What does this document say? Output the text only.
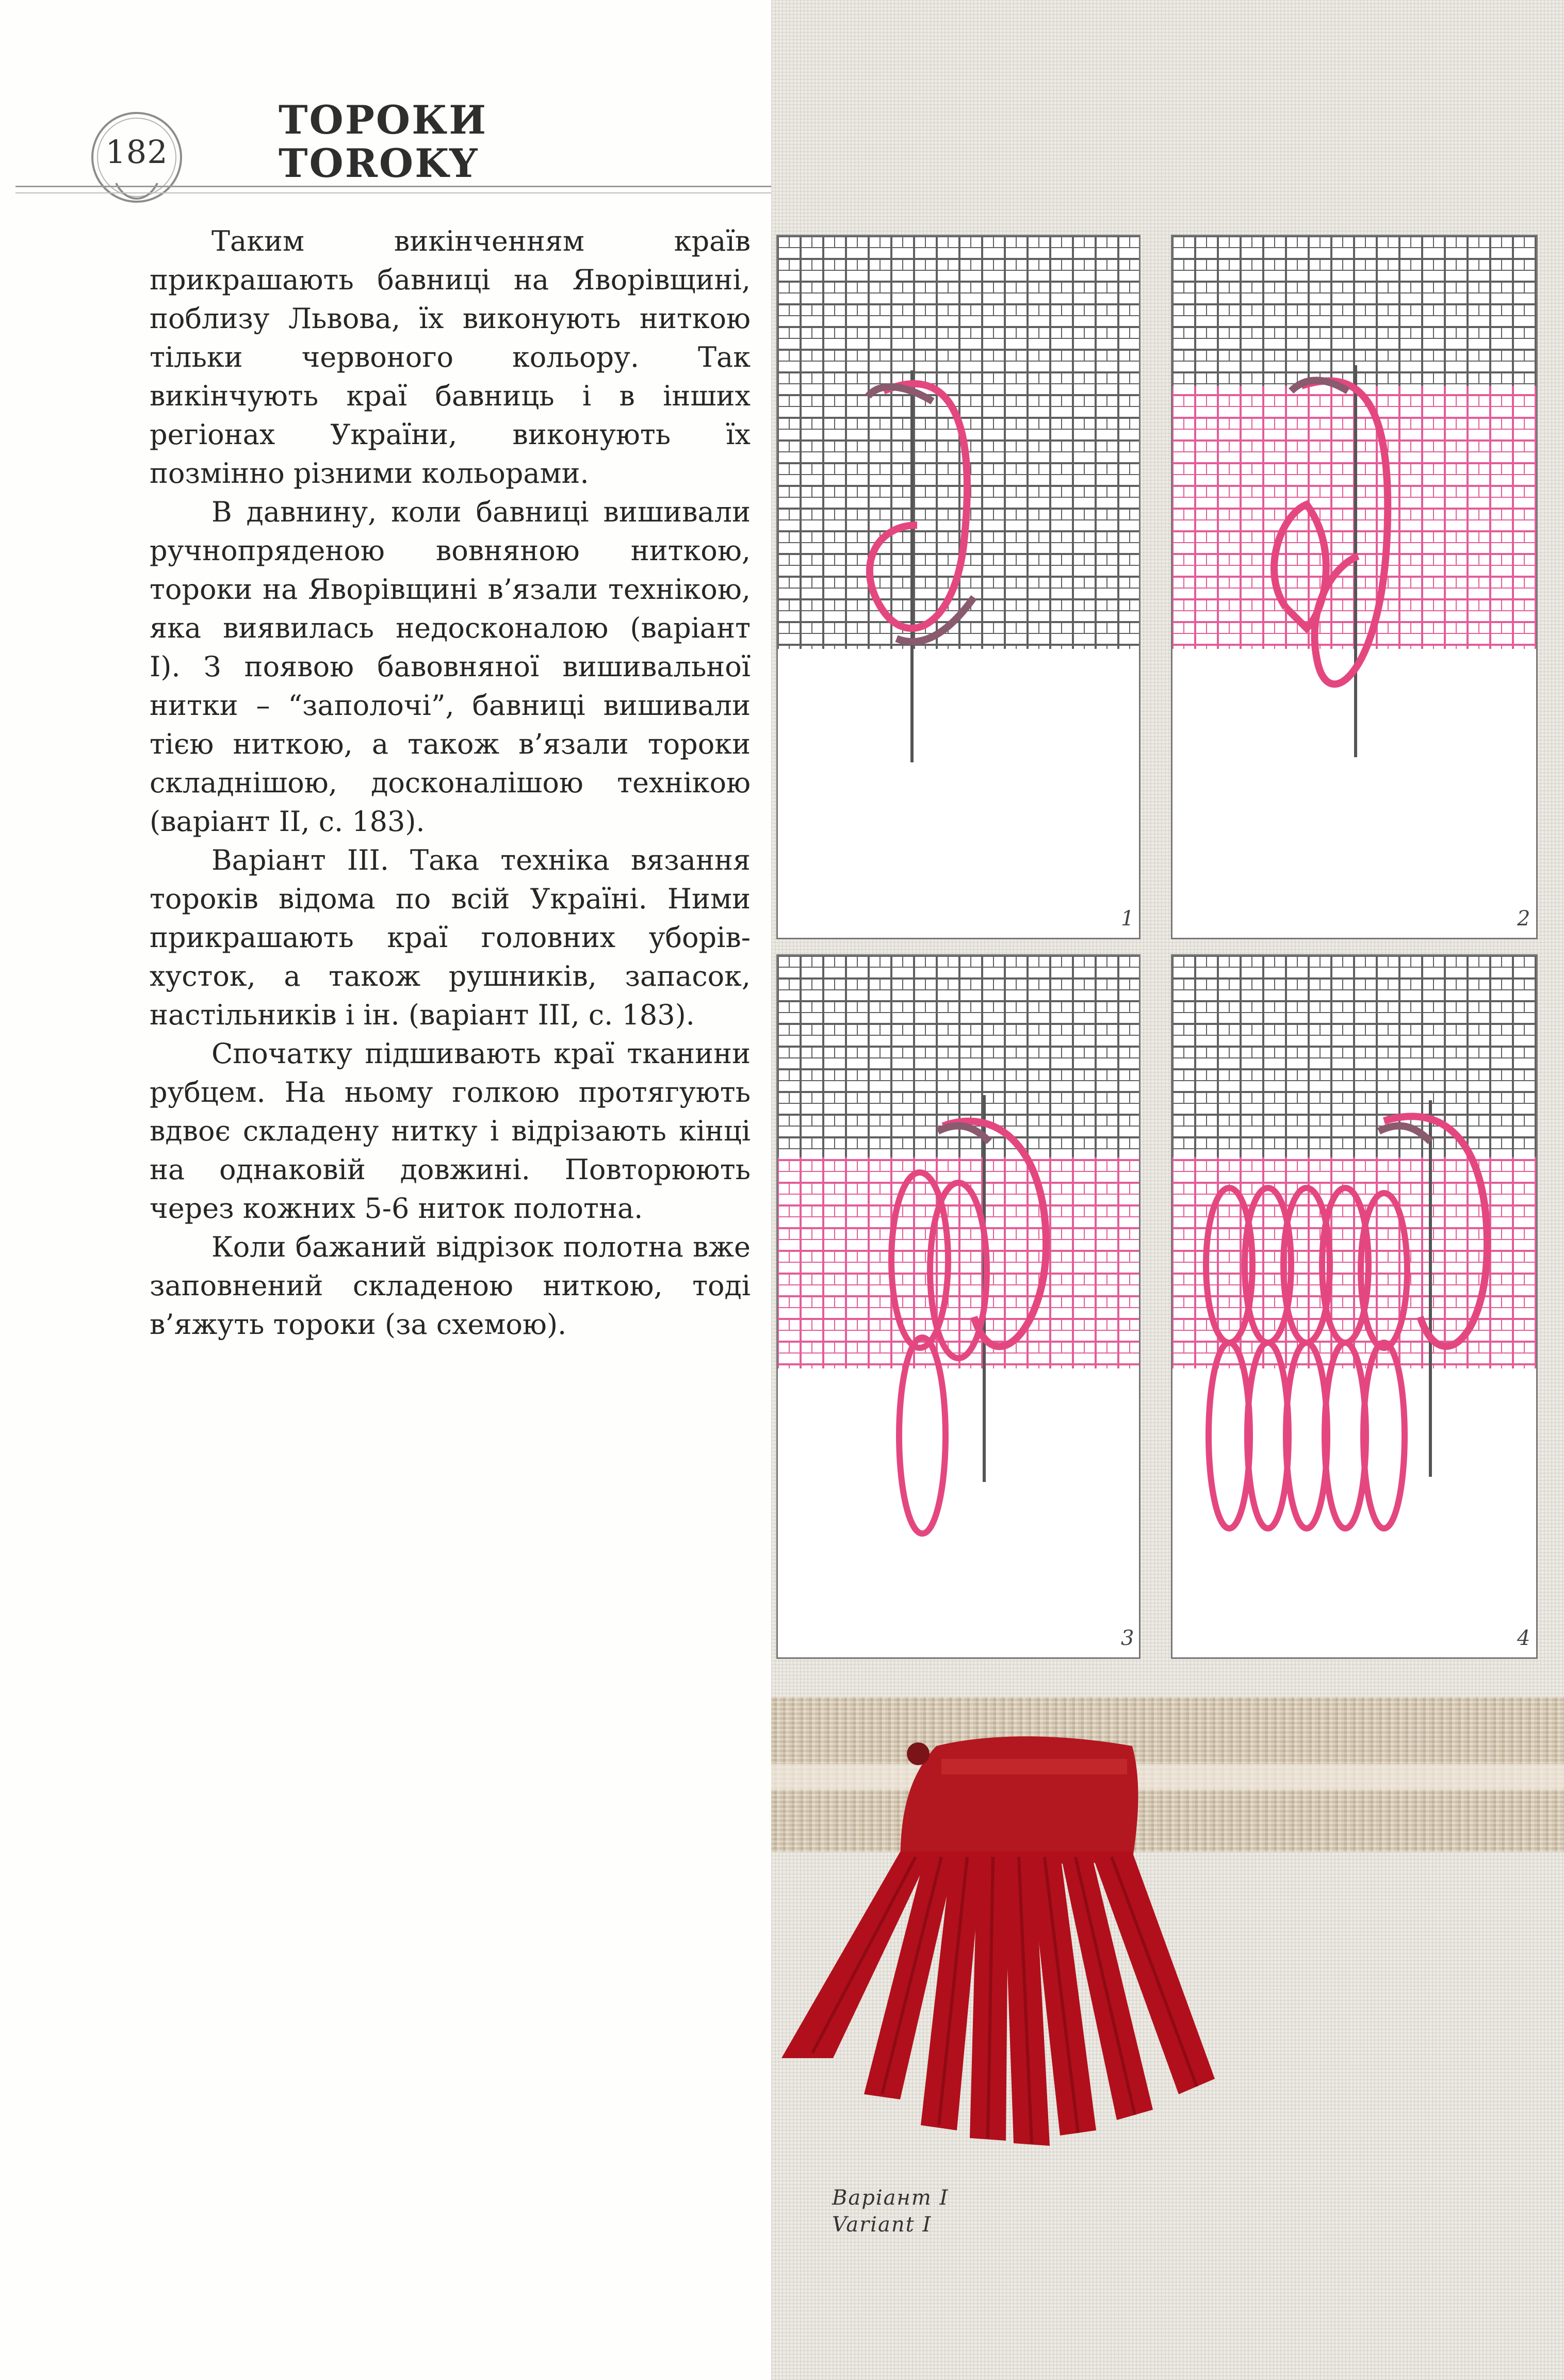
182
ТОРОКИ
TOROKY

Таким викінченням країв прикрашають бавниці на Яворівщині, поблизу Львова, їх виконують ниткою тільки червоного кольору. Так викінчують краї бавниць і в інших регіонах України, виконують їх позмінно різними кольорами.

В давнину, коли бавниці вишивали ручнопряденою вовняною ниткою, тороки на Яворівщині в’язали технікою, яка виявилась недосконалою (варіант І). З появою бавовняної вишивальної нитки – “заполочі”, бавниці вишивали тією ниткою, а також в’язали тороки складнішою, досконалішою технікою (варіант ІІ, с. 183).

Варіант ІІІ. Така техніка вязання тороків відома по всій Україні. Ними прикрашають краї головних уборів-хусток, а також рушників, запасок, настільників і ін. (варіант ІІІ, с. 183).

Спочатку підшивають краї тканини рубцем. На ньому голкою протягують вдвоє складену нитку і відрізають кінці на однаковій довжині. Повторюють через кожних 5-6 ниток полотна.

Коли бажаний відрізок полотна вже заповнений складеною ниткою, тоді в’яжуть тороки (за схемою).

1	2
3	4
Варіант І
Variant І
